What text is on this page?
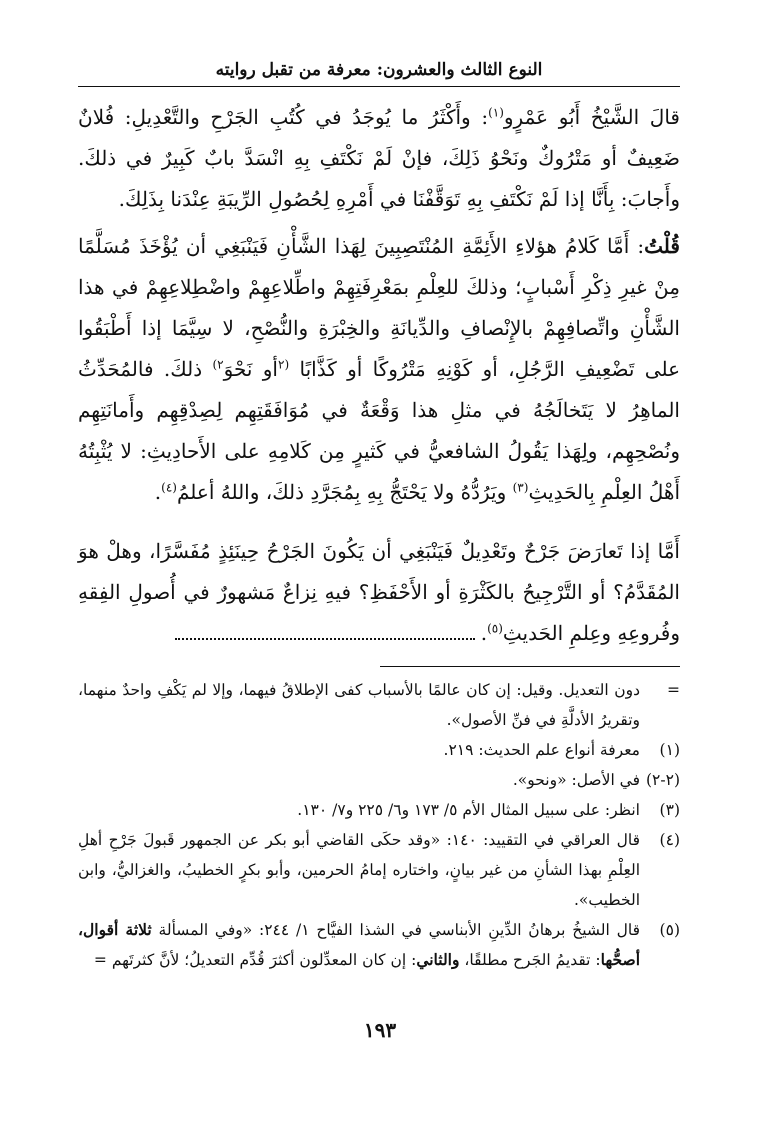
النوع الثالث والعشرون: معرفة من تقبل روايته

قالَ الشَّيْخُ أَبُو عَمْرٍو$^{(١)}$: وأَكْثَرُ ما يُوجَدُ في كُتُبِ الجَرْحِ والتَّعْدِيلِ: فُلانٌ ضَعِيفٌ أو مَتْرُوكٌ ونَحْوُ ذَلِكَ، فإنْ لَمْ نَكْتَفِ بِهِ انْسَدَّ بابٌ كَبِيرٌ في ذلكَ. وأَجابَ: بِأَنَّا إذا لَمْ نَكْتَفِ بِهِ تَوَقَّفْنَا في أَمْرِهِ لِحُصُولِ الرِّيبَةِ عِنْدَنا بِذَلِكَ.

قُلْتُ: أَمَّا كَلامُ هؤلاءِ الأَئِمَّةِ المُنْتَصِبِينَ لِهَذا الشَّأْنِ فَيَنْبَغِي أن يُؤْخَذَ مُسَلَّمًا مِنْ غيرِ ذِكْرِ أَسْبابٍ؛ وذلكَ للعِلْمِ بمَعْرِفَتِهِمْ واطِّلاعِهِمْ واضْطِلاعِهِمْ في هذا الشَّأْنِ واتِّصافِهِمْ بالإِنْصافِ والدِّيانَةِ والخِبْرَةِ والنُّصْحِ، لا سِيَّمَا إذا أَطْبَقُوا على تَضْعِيفِ الرَّجُلِ، أو كَوْنِهِ مَتْرُوكًا أو كَذَّابًا $^{(٢}$أو نَحْوَ$^{٢)}$ ذلكَ. فالمُحَدِّثُ الماهِرُ لا يَتَخالَجُهُ في مثلِ هذا وَقْعَةٌ في مُوَافَقَتِهِم لِصِدْقِهِم وأَمانَتِهِم ونُصْحِهِم، ولِهَذا يَقُولُ الشافعيُّ في كَثيرٍ مِن كَلامِهِ على الأَحادِيثِ: لا يُثْبِتُهُ أَهْلُ العِلْمِ بِالحَدِيثِ$^{(٣)}$ ويَرُدُّهُ ولا يَحْتَجُّ بِهِ بِمُجَرَّدِ ذلكَ، واللهُ أعلمُ$^{(٤)}$.

أَمَّا إذا تَعارَضَ جَرْحٌ وتَعْدِيلٌ فَيَنْبَغِي أن يَكُونَ الجَرْحُ حِينَئِذٍ مُفَسَّرًا، وهلْ هوَ المُقَدَّمُ؟ أو التَّرْجِيحُ بالكَثْرَةِ أو الأَحْفَظِ؟ فيهِ نِزاعٌ مَشهورٌ في أُصولِ الفِقهِ وفُروعِهِ وعِلمِ الحَديثِ$^{(٥)}$.

=
دون التعديل. وقيل: إن كان عالمًا بالأسباب كفى الإطلاقُ فيهما، وإلا لم يَكْفِ واحدٌ منهما، وتقريرُ الأدلَّةِ في فنِّ الأصول».
(١)
معرفة أنواع علم الحديث: ٢١٩.
(٢-٢)
في الأصل: «ونحو».
(٣)
انظر: على سبيل المثال الأم ٥/ ١٧٣ و٦/ ٢٢٥ و٧/ ١٣٠.
(٤)
قال العراقي في التقييد: ١٤٠: «وقد حكَى القاضي أبو بكر عن الجمهور قَبولَ جَرْحِ أهلِ العِلْمِ بهذا الشأنِ من غير بيانٍ، واختاره إمامُ الحرمين، وأبو بكرٍ الخطيبُ، والغزاليُّ، وابن الخطيب».
(٥)
قال الشيخُ برهانُ الدِّينِ الأبناسي في الشذا الفيَّاح ١/ ٢٤٤: «وفي المسألة ثلاثة أقوال، أصحُّها: تقديمُ الجَرح مطلقًا، والثاني: إن كان المعدِّلون أكثرَ قُدِّم التعديلُ؛ لأنَّ كثرتَهم =
١٩٣
